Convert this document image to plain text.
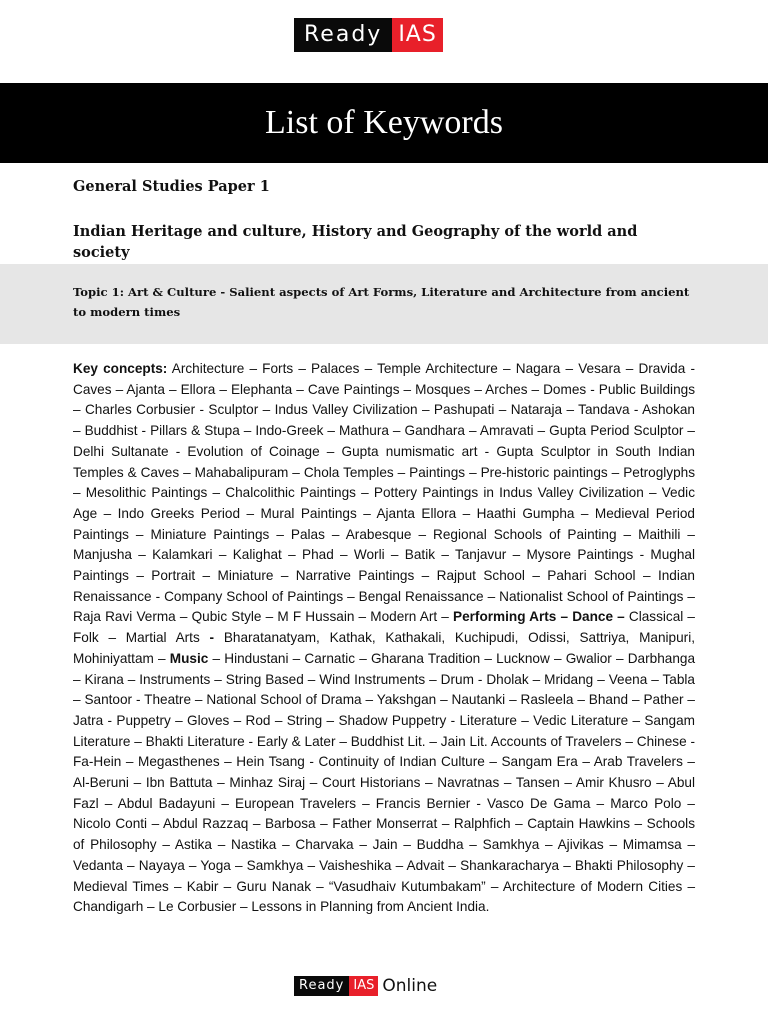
Ready IAS
List of Keywords
General Studies Paper 1
Indian Heritage and culture, History and Geography of the world and society

Topic 1: Art & Culture - Salient aspects of Art Forms, Literature and Architecture from ancient to modern times

Key concepts: Architecture – Forts – Palaces – Temple Architecture – Nagara – Vesara – Dravida - Caves – Ajanta – Ellora – Elephanta – Cave Paintings – Mosques – Arches – Domes - Public Buildings – Charles Corbusier - Sculptor – Indus Valley Civilization – Pashupati – Nataraja – Tandava - Ashokan – Buddhist - Pillars & Stupa – Indo-Greek – Mathura – Gandhara – Amravati – Gupta Period Sculptor – Delhi Sultanate - Evolution of Coinage – Gupta numismatic art - Gupta Sculptor in South Indian Temples & Caves – Mahabalipuram – Chola Temples – Paintings – Pre-historic paintings – Petroglyphs – Mesolithic Paintings – Chalcolithic Paintings – Pottery Paintings in Indus Valley Civilization – Vedic Age – Indo Greeks Period – Mural Paintings – Ajanta Ellora – Haathi Gumpha – Medieval Period Paintings – Miniature Paintings – Palas – Arabesque – Regional Schools of Painting – Maithili – Manjusha – Kalamkari – Kalighat – Phad – Worli – Batik – Tanjavur – Mysore Paintings - Mughal Paintings – Portrait – Miniature – Narrative Paintings – Rajput School – Pahari School – Indian Renaissance - Company School of Paintings – Bengal Renaissance – Nationalist School of Paintings – Raja Ravi Verma – Qubic Style – M F Hussain – Modern Art – Performing Arts – Dance – Classical – Folk – Martial Arts - Bharatanatyam, Kathak, Kathakali, Kuchipudi, Odissi, Sattriya, Manipuri, Mohiniyattam – Music – Hindustani – Carnatic – Gharana Tradition – Lucknow – Gwalior – Darbhanga – Kirana – Instruments – String Based – Wind Instruments – Drum - Dholak – Mridang – Veena – Tabla – Santoor - Theatre – National School of Drama – Yakshgan – Nautanki – Rasleela – Bhand – Pather – Jatra - Puppetry – Gloves – Rod – String – Shadow Puppetry - Literature – Vedic Literature – Sangam Literature – Bhakti Literature - Early & Later – Buddhist Lit. – Jain Lit. Accounts of Travelers – Chinese - Fa-Hein – Megasthenes – Hein Tsang - Continuity of Indian Culture – Sangam Era – Arab Travelers – Al-Beruni – Ibn Battuta – Minhaz Siraj – Court Historians – Navratnas – Tansen – Amir Khusro – Abul Fazl – Abdul Badayuni – European Travelers – Francis Bernier - Vasco De Gama – Marco Polo – Nicolo Conti – Abdul Razzaq – Barbosa – Father Monserrat – Ralphfich – Captain Hawkins – Schools of Philosophy – Astika – Nastika – Charvaka – Jain – Buddha – Samkhya – Ajivikas – Mimamsa – Vedanta – Nayaya – Yoga – Samkhya – Vaisheshika – Advait – Shankaracharya – Bhakti Philosophy – Medieval Times – Kabir – Guru Nanak – “Vasudhaiv Kutumbakam” – Architecture of Modern Cities – Chandigarh – Le Corbusier – Lessons in Planning from Ancient India.

Ready IAS Online
